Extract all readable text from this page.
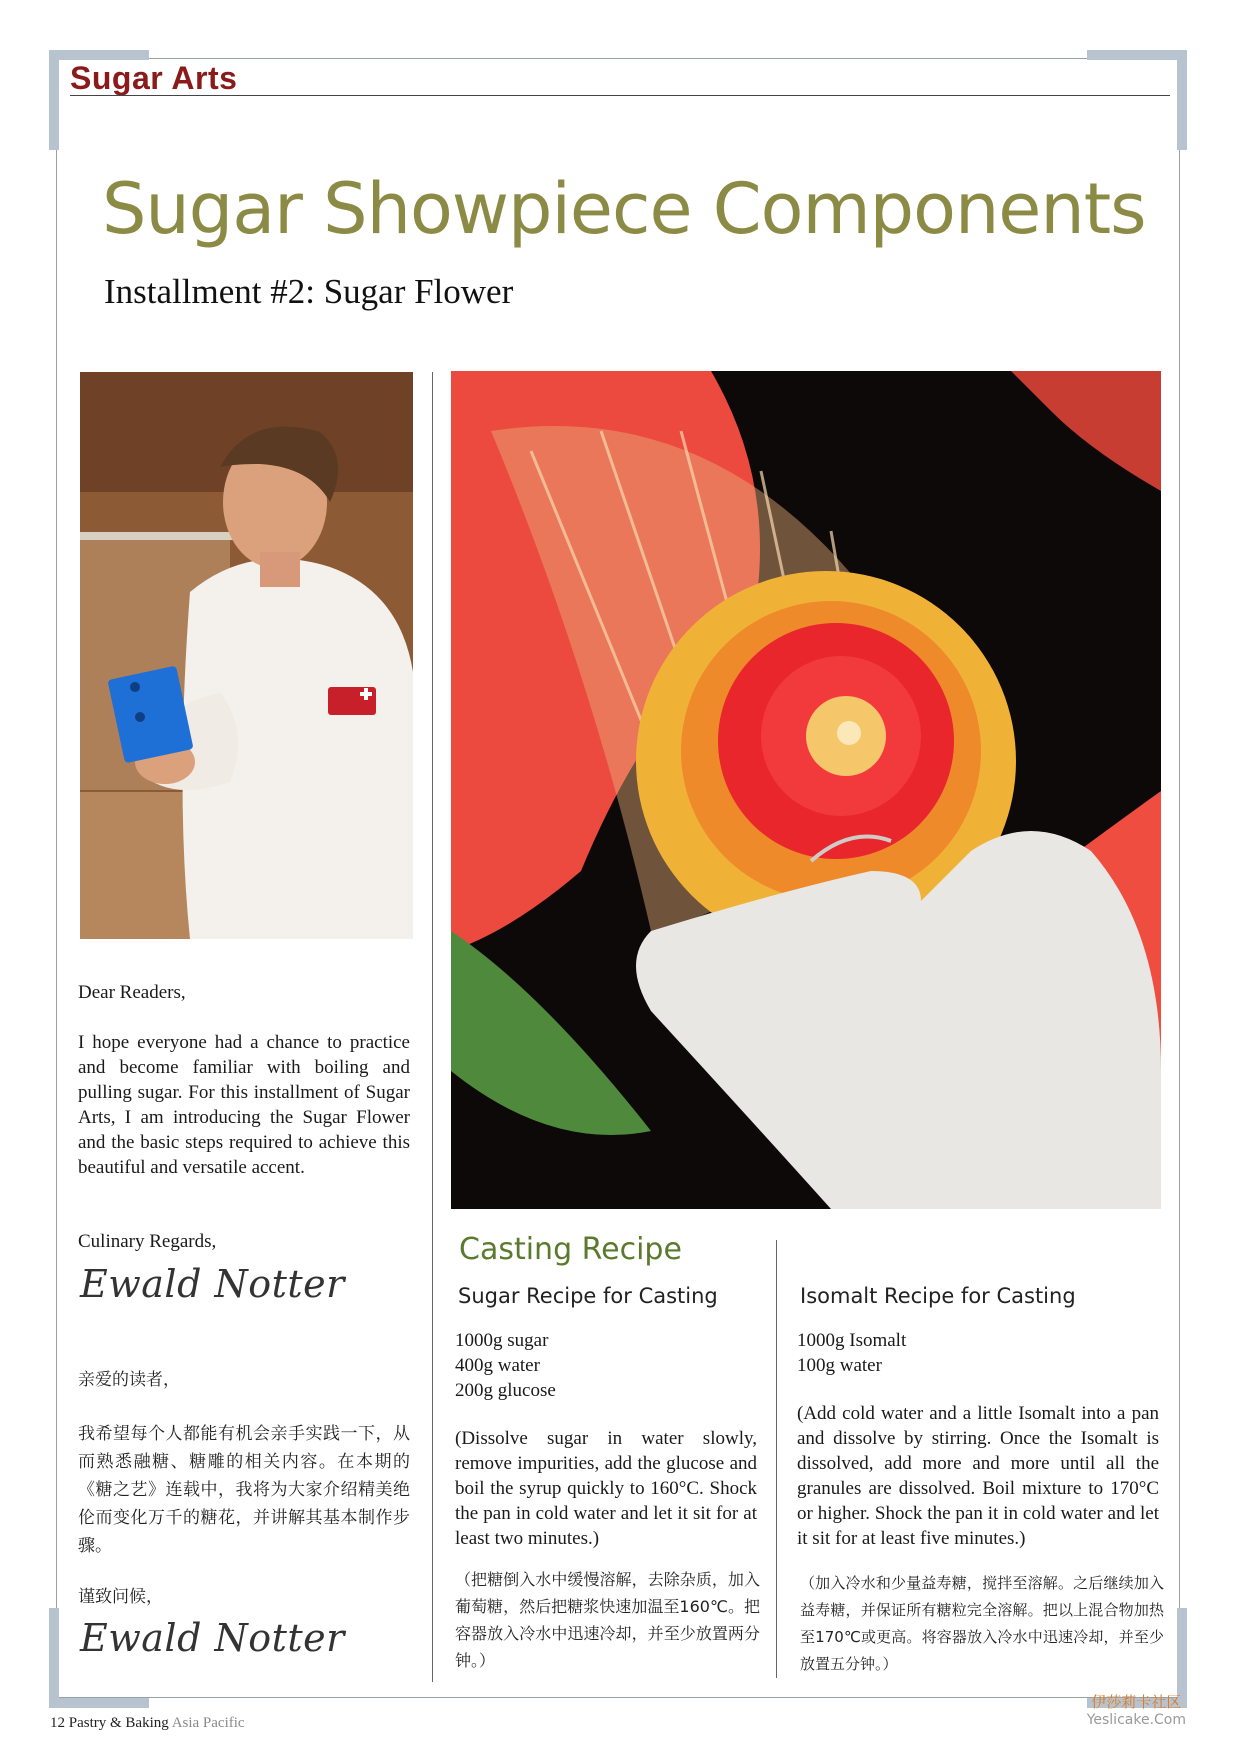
Sugar Arts
Sugar Showpiece Components
Installment #2: Sugar Flower

Dear Readers,

I hope everyone had a chance to practice and become familiar with boiling and pulling sugar. For this installment of Sugar Arts, I am introducing the Sugar Flower and the basic steps required to achieve this beautiful and versatile accent.

Culinary Regards,

Ewald Notter

亲爱的读者，

我希望每个人都能有机会亲手实践一下，从而熟悉融糖、糖雕的相关内容。在本期的《糖之艺》连载中，我将为大家介绍精美绝伦而变化万千的糖花，并讲解其基本制作步骤。

谨致问候，

Ewald Notter
Casting Recipe
Sugar Recipe for Casting	Isomalt Recipe for Casting
1000g sugar
400g water
200g glucose
1000g Isomalt
100g water
(Dissolve sugar in water slowly, remove impurities, add the glucose and boil the syrup quickly to 160°C. Shock the pan in cold water and let it sit for at least two minutes.)
(Add cold water and a little Isomalt into a pan and dissolve by stirring. Once the Isomalt is dissolved, add more and more until all the granules are dissolved. Boil mixture to 170°C or higher. Shock the pan it in cold water and let it sit for at least five minutes.)
（把糖倒入水中缓慢溶解，去除杂质，加入葡萄糖，然后把糖浆快速加温至160℃。把容器放入冷水中迅速冷却，并至少放置两分钟。）
（加入冷水和少量益寿糖，搅拌至溶解。之后继续加入益寿糖，并保证所有糖粒完全溶解。把以上混合物加热至170℃或更高。将容器放入冷水中迅速冷却，并至少放置五分钟。）
12 Pastry & Baking Asia Pacific
伊莎莉卡社区
Yeslicake.Com
